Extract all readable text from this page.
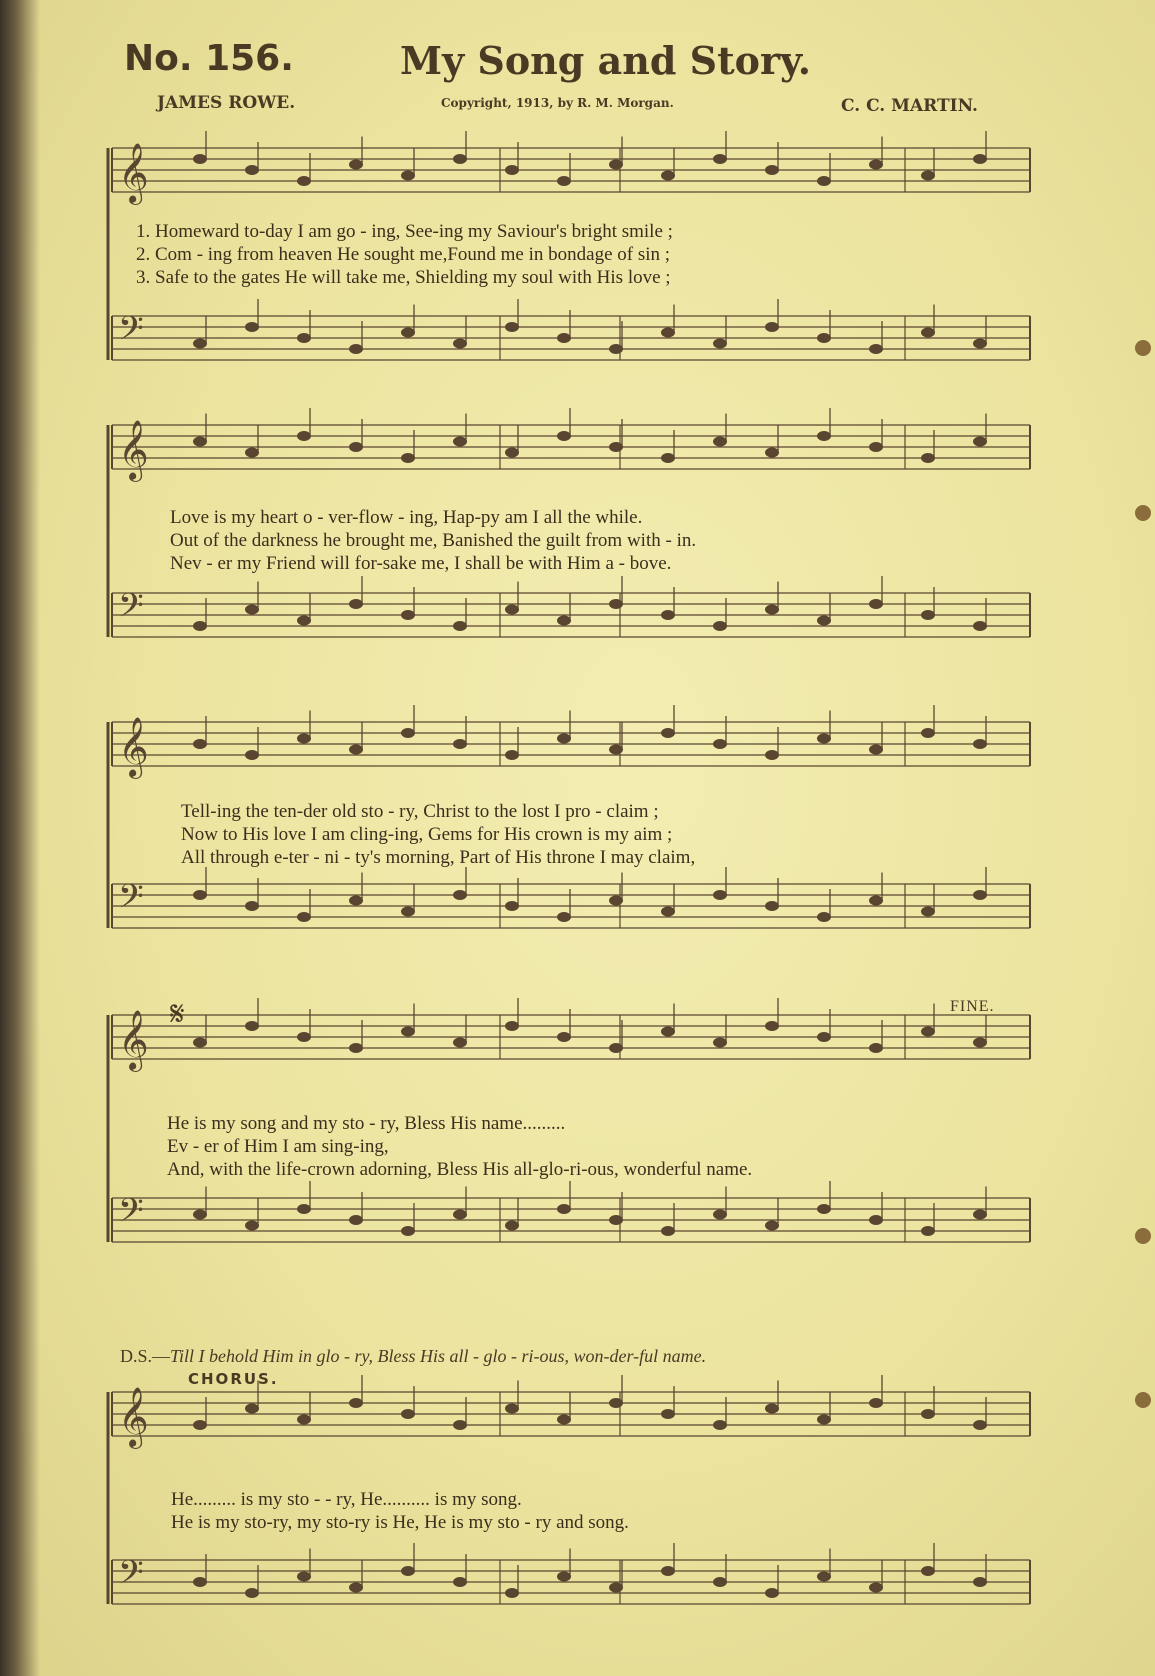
No. 156.	My Song and Story.
JAMES ROWE.	Copyright, 1913, by R. M. Morgan.	C. C. MARTIN.
𝄞
𝄢
𝄞
𝄢
𝄞
𝄢
𝄞
𝄢
𝄞
𝄢
1. Homeward to-day I am go - ing, See-ing my Saviour's bright smile ;
2. Com - ing from heaven He sought me,Found me in bondage of sin ;
3. Safe to the gates He will take me, Shielding my soul with His love ;
Love is my heart o - ver-flow - ing, Hap-py am I all the while.
Out of the darkness he brought me, Banished the guilt from with - in.
Nev - er my Friend will for-sake me, I shall be with Him a - bove.
Tell-ing the ten-der old sto - ry, Christ to the lost I pro - claim ;
Now to His love I am cling-ing, Gems for His crown is my aim ;
All through e-ter - ni - ty's morning, Part of His throne I may claim,
He is my song and my sto - ry, Bless His name.........
Ev - er of Him I am sing-ing,
And, with the life-crown adorning, Bless His all-glo-ri-ous, wonderful name.
𝄋	FINE.
D.S.—Till I behold Him in glo - ry, Bless His all - glo - ri-ous, won-der-ful name.
CHORUS.
He......... is my sto - - ry, He.......... is my song.
He is my sto-ry, my sto-ry is He, He is my sto - ry and song.
